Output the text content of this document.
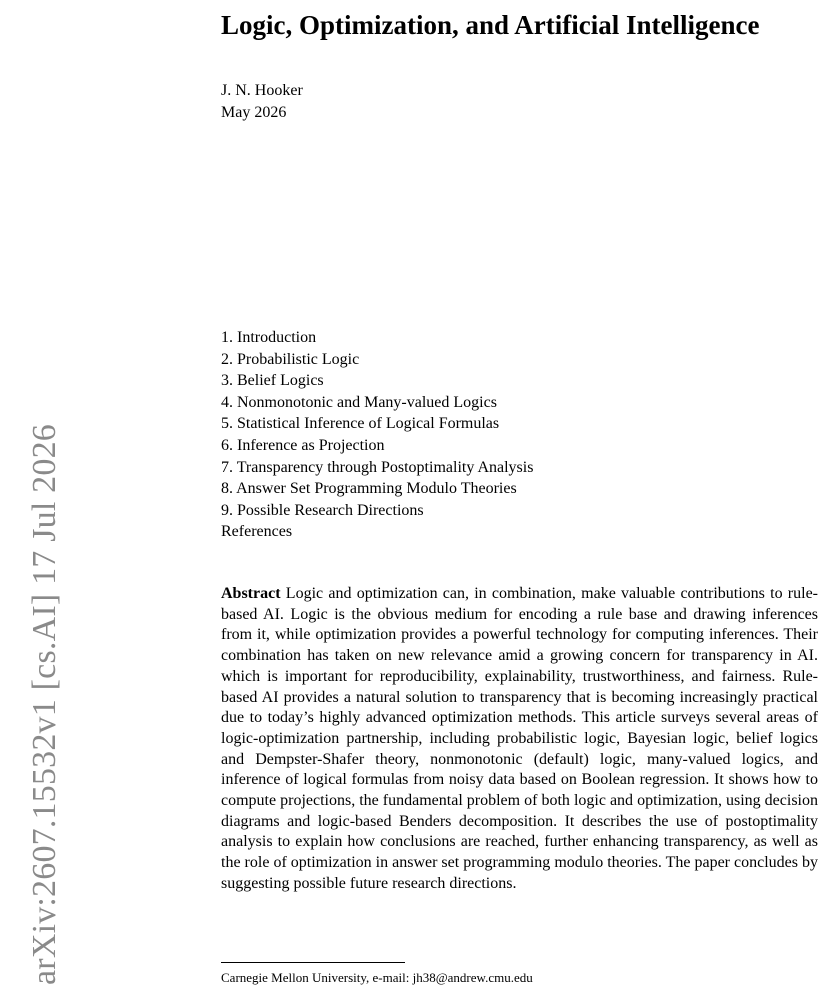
arXiv:2607.15532v1 [cs.AI] 17 Jul 2026
Logic, Optimization, and Artificial Intelligence
J. N. Hooker
May 2026
1. Introduction
2. Probabilistic Logic
3. Belief Logics
4. Nonmonotonic and Many-valued Logics
5. Statistical Inference of Logical Formulas
6. Inference as Projection
7. Transparency through Postoptimality Analysis
8. Answer Set Programming Modulo Theories
9. Possible Research Directions
References

Abstract Logic and optimization can, in combination, make valuable contributions to rule-based AI. Logic is the obvious medium for encoding a rule base and drawing inferences from it, while optimization provides a powerful technology for computing inferences. Their combination has taken on new relevance amid a growing concern for transparency in AI. which is important for reproducibility, explainability, trustworthiness, and fairness. Rule-based AI provides a natural solution to transparency that is becoming increasingly practical due to today’s highly advanced optimization methods. This article surveys several areas of logic-optimization partnership, including probabilistic logic, Bayesian logic, belief logics and Dempster-Shafer theory, nonmonotonic (default) logic, many-valued logics, and inference of logical formulas from noisy data based on Boolean regression. It shows how to compute projections, the fundamental problem of both logic and optimization, using decision diagrams and logic-based Benders decomposition. It describes the use of postoptimality analysis to explain how conclusions are reached, further enhancing transparency, as well as the role of optimization in answer set programming modulo theories. The paper concludes by suggesting possible future research directions.

Carnegie Mellon University, e-mail: jh38@andrew.cmu.edu
